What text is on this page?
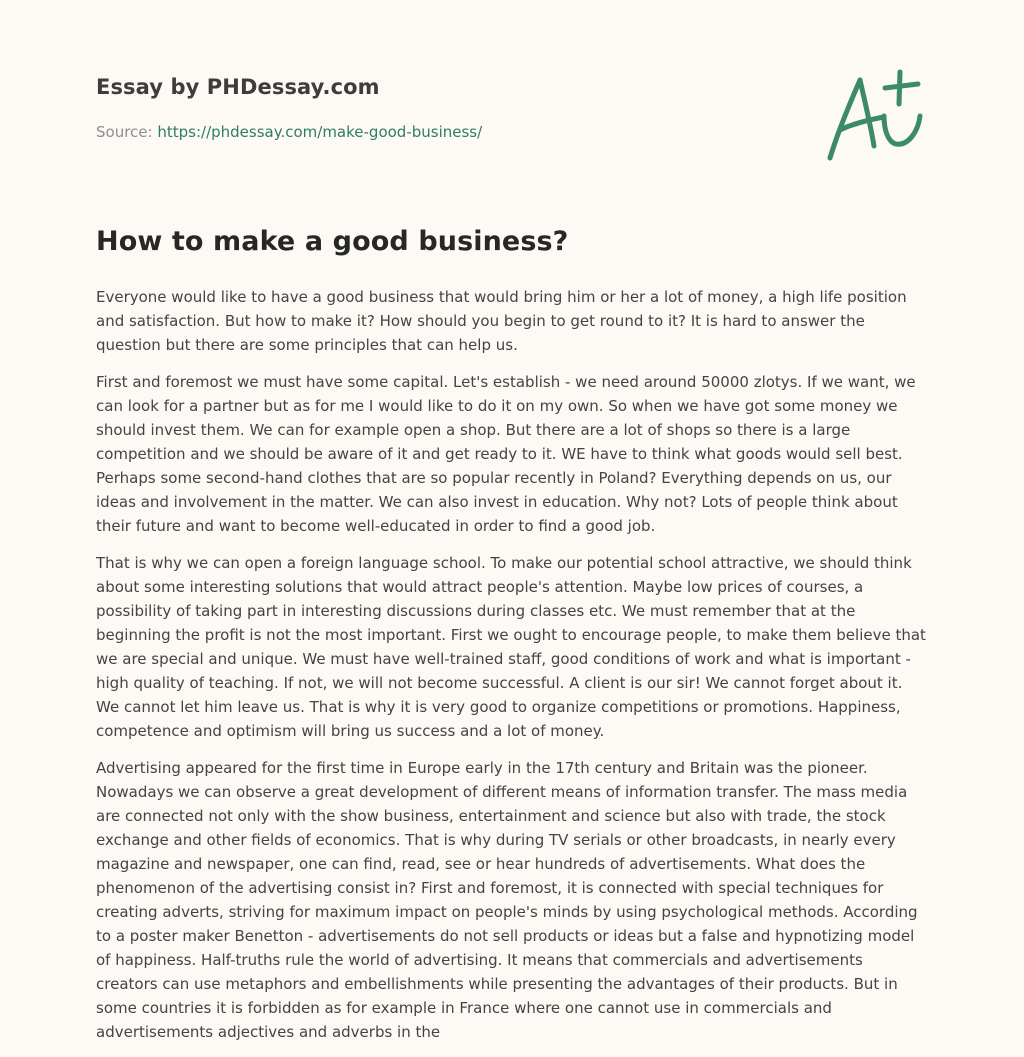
Essay by PHDessay.com
Source: https://phdessay.com/make-good-business/
How to make a good business?

Everyone would like to have a good business that would bring him or her a lot of money, a high life position and satisfaction. But how to make it? How should you begin to get round to it? It is hard to answer the question but there are some principles that can help us.

First and foremost we must have some capital. Let's establish - we need around 50000 zlotys. If we want, we can look for a partner but as for me I would like to do it on my own. So when we have got some money we should invest them. We can for example open a shop. But there are a lot of shops so there is a large competition and we should be aware of it and get ready to it. WE have to think what goods would sell best. Perhaps some second-hand clothes that are so popular recently in Poland? Everything depends on us, our ideas and involvement in the matter. We can also invest in education. Why not? Lots of people think about their future and want to become well-educated in order to find a good job.

That is why we can open a foreign language school. To make our potential school attractive, we should think about some interesting solutions that would attract people's attention. Maybe low prices of courses, a possibility of taking part in interesting discussions during classes etc. We must remember that at the beginning the profit is not the most important. First we ought to encourage people, to make them believe that we are special and unique. We must have well-trained staff, good conditions of work and what is important - high quality of teaching. If not, we will not become successful. A client is our sir! We cannot forget about it. We cannot let him leave us. That is why it is very good to organize competitions or promotions. Happiness, competence and optimism will bring us success and a lot of money.

Advertising appeared for the first time in Europe early in the 17th century and Britain was the pioneer. Nowadays we can observe a great development of different means of information transfer. The mass media are connected not only with the show business, entertainment and science but also with trade, the stock exchange and other fields of economics. That is why during TV serials or other broadcasts, in nearly every magazine and newspaper, one can find, read, see or hear hundreds of advertisements. What does the phenomenon of the advertising consist in? First and foremost, it is connected with special techniques for creating adverts, striving for maximum impact on people's minds by using psychological methods. According to a poster maker Benetton - advertisements do not sell products or ideas but a false and hypnotizing model of happiness. Half-truths rule the world of advertising. It means that commercials and advertisements creators can use metaphors and embellishments while presenting the advantages of their products. But in some countries it is forbidden as for example in France where one cannot use in commercials and advertisements adjectives and adverbs in the
